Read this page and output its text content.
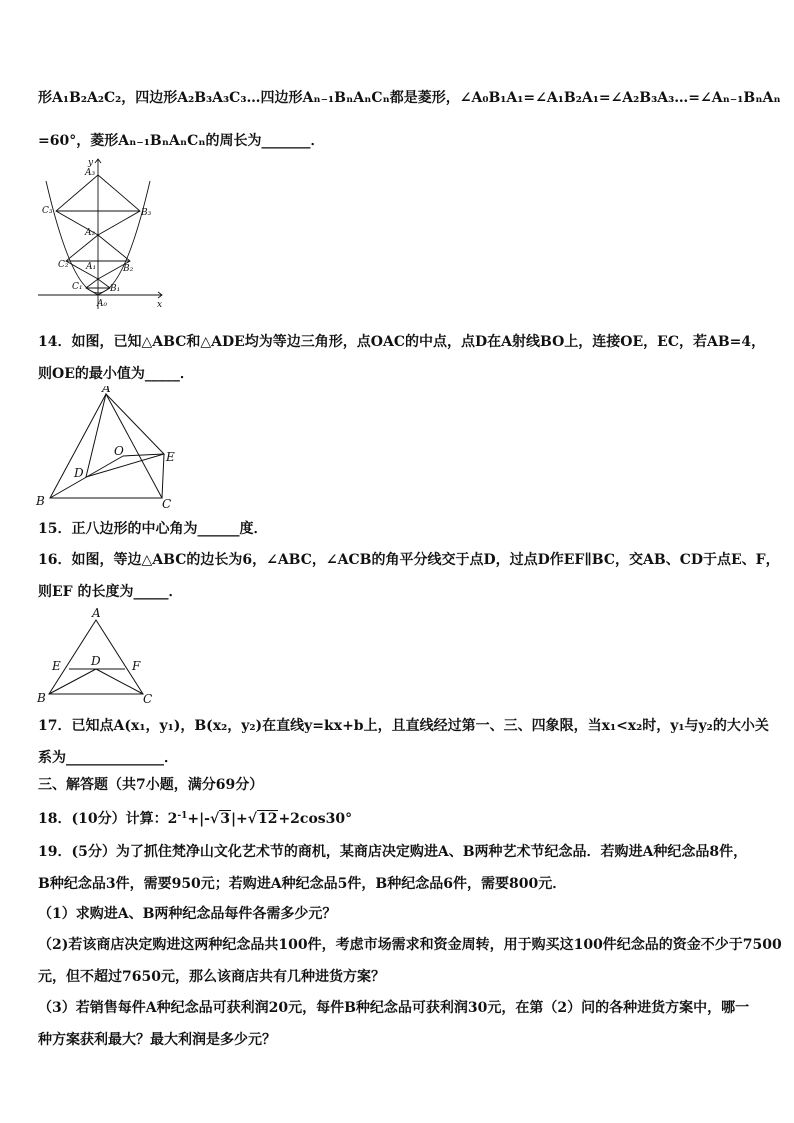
形A₁B₂A₂C₂，四边形A₂B₃A₃C₃…四边形Aₙ₋₁BₙAₙCₙ都是菱形，∠A₀B₁A₁=∠A₁B₂A₁=∠A₂B₃A₃…=∠Aₙ₋₁BₙAₙ
=60°，菱形Aₙ₋₁BₙAₙCₙ的周长为_______．
y
x
A₃
C₃	B₃
A₂
C₂ A₁	B₂
C₁	B₁
A₀
14．如图，已知△ABC和△ADE均为等边三角形，点OAC的中点，点D在A射线BO上，连接OE，EC，若AB=4，
则OE的最小值为_____．
A
O	E
D
B	C
15．正八边形的中心角为______度．
16．如图，等边△ABC的边长为6，∠ABC，∠ACB的角平分线交于点D，过点D作EF∥BC，交AB、CD于点E、F，
则EF 的长度为_____．
A
E	D	F
B	C
17．已知点A(x₁，y₁)，B(x₂，y₂)在直线y=kx+b上，且直线经过第一、三、四象限，当x₁<x₂时，y₁与y₂的大小关
系为______________．
三、解答题（共7小题，满分69分）
18．(10分）计算：$2^{-1}+|-√3|+√12+2\cos 30^\circ$
19．(5分）为了抓住梵净山文化艺术节的商机，某商店决定购进A、B两种艺术节纪念品．若购进A种纪念品8件，
B种纪念品3件，需要950元；若购进A种纪念品5件，B种纪念品6件，需要800元．
（1）求购进A、B两种纪念品每件各需多少元？
（2)若该商店决定购进这两种纪念品共100件，考虑市场需求和资金周转，用于购买这100件纪念品的资金不少于7500
元，但不超过7650元，那么该商店共有几种进货方案？
（3）若销售每件A种纪念品可获利润20元，每件B种纪念品可获利润30元，在第（2）问的各种进货方案中，哪一
种方案获利最大？最大利润是多少元？
